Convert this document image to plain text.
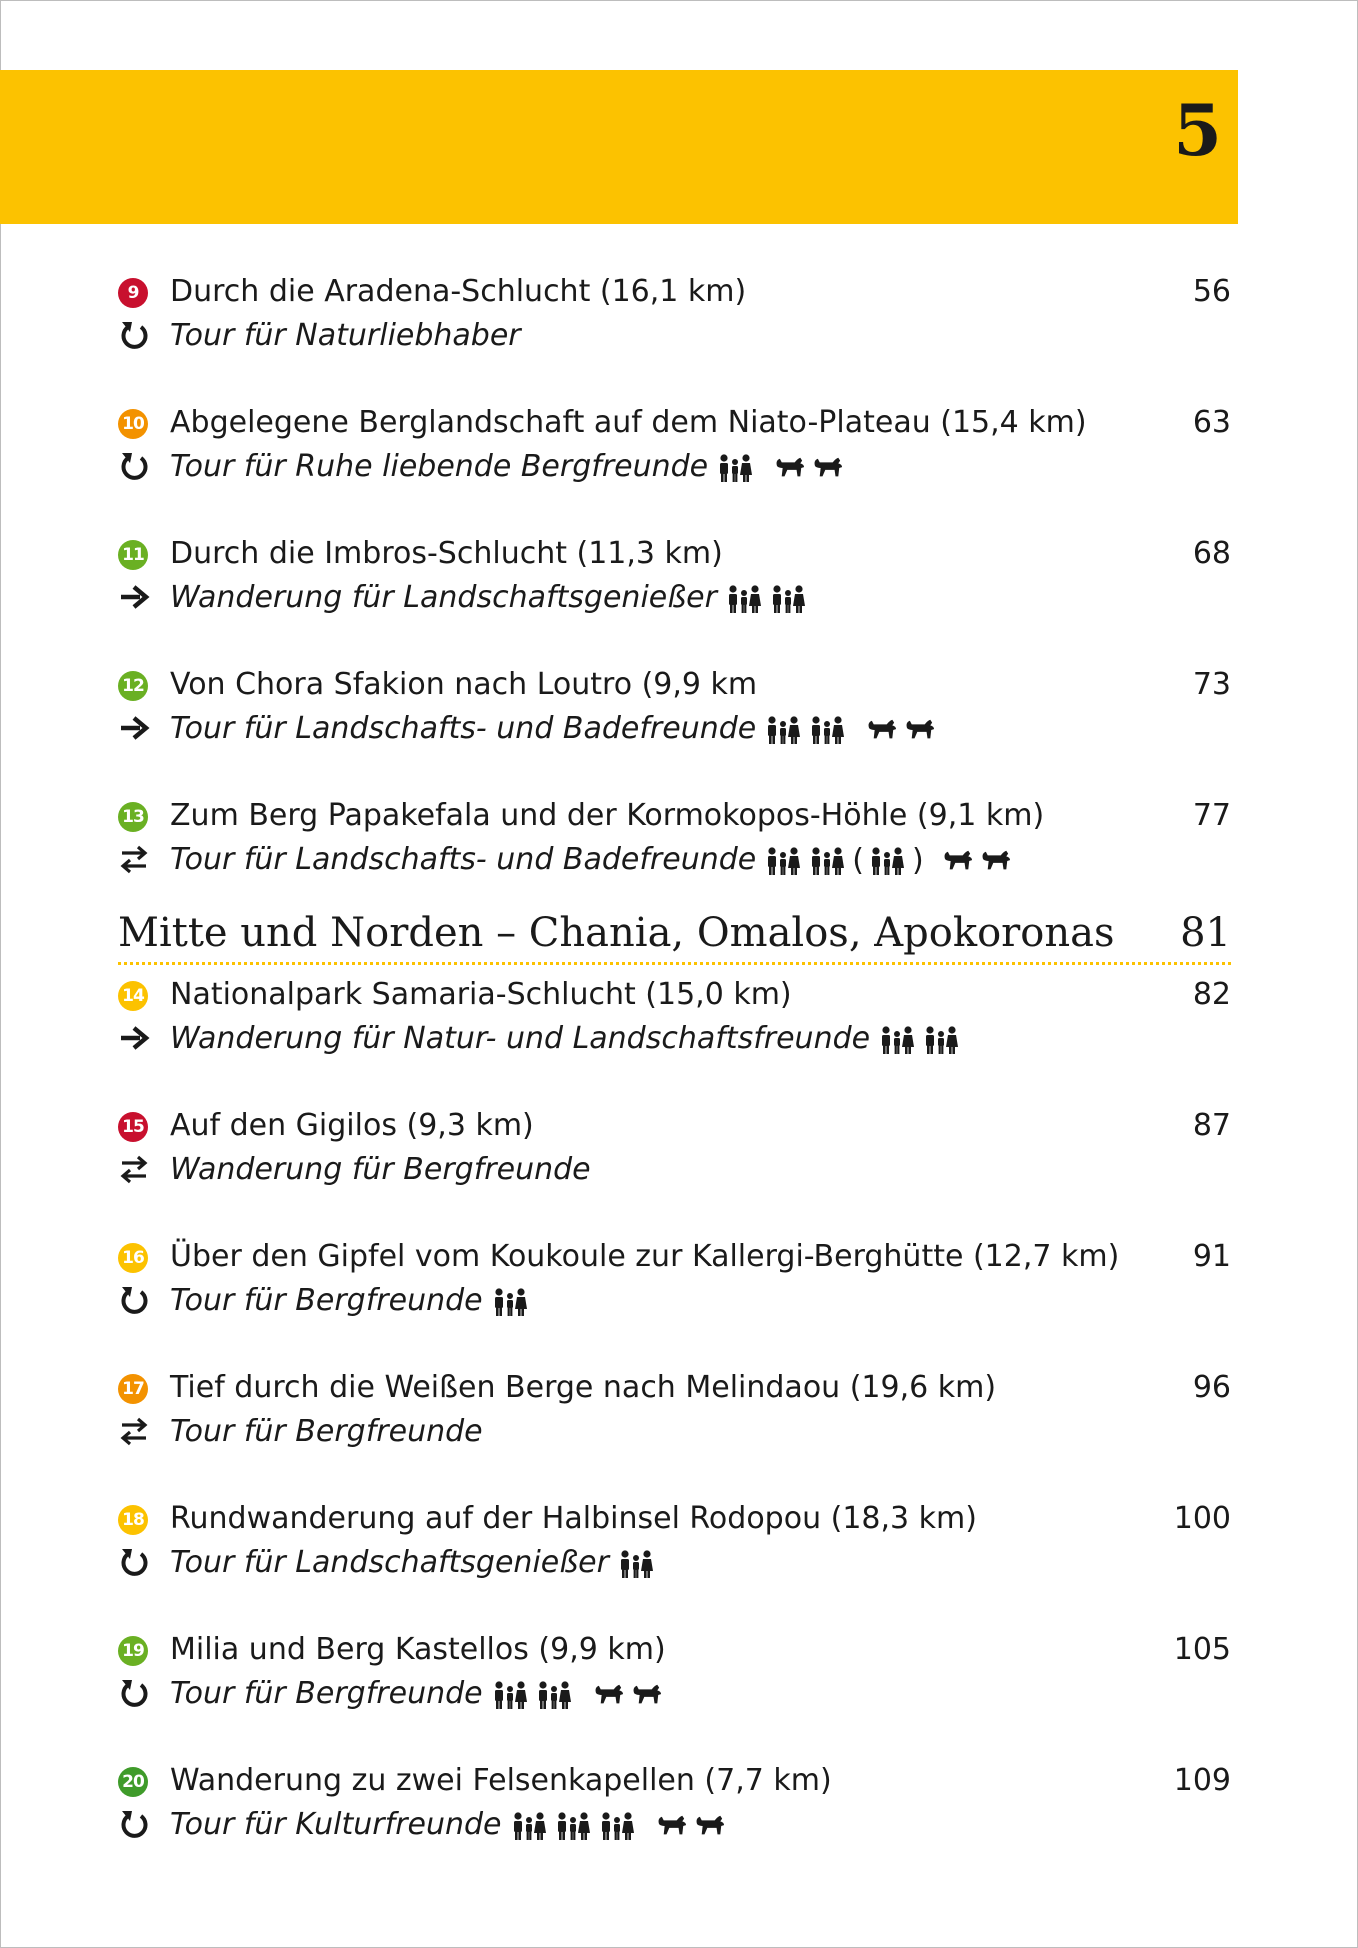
5
9	Durch die Aradena-Schlucht (16,1 km)	56
Tour für Naturliebhaber
10 Abgelegene Berglandschaft auf dem Niato-Plateau (15,4 km)	63
Tour für Ruhe liebende Bergfreunde
11 Durch die Imbros-Schlucht (11,3 km)	68
Wanderung für Landschaftsgenießer
12 Von Chora Sfakion nach Loutro (9,9 km	73
Tour für Landschafts- und Badefreunde
13 Zum Berg Papakefala und der Kormokopos-Höhle (9,1 km)	77
Tour für Landschafts- und Badefreunde	( )
Mitte und Norden – Chania, Omalos, Apokoronas 81
14 Nationalpark Samaria-Schlucht (15,0 km)	82
Wanderung für Natur- und Landschaftsfreunde
15 Auf den Gigilos (9,3 km)	87
Wanderung für Bergfreunde
16 Über den Gipfel vom Koukoule zur Kallergi-Berghütte (12,7 km) 91
Tour für Bergfreunde
17 Tief durch die Weißen Berge nach Melindaou (19,6 km)	96
Tour für Bergfreunde
18 Rundwanderung auf der Halbinsel Rodopou (18,3 km)	100
Tour für Landschaftsgenießer
19 Milia und Berg Kastellos (9,9 km)	105
Tour für Bergfreunde
20 Wanderung zu zwei Felsenkapellen (7,7 km)	109
Tour für Kulturfreunde
